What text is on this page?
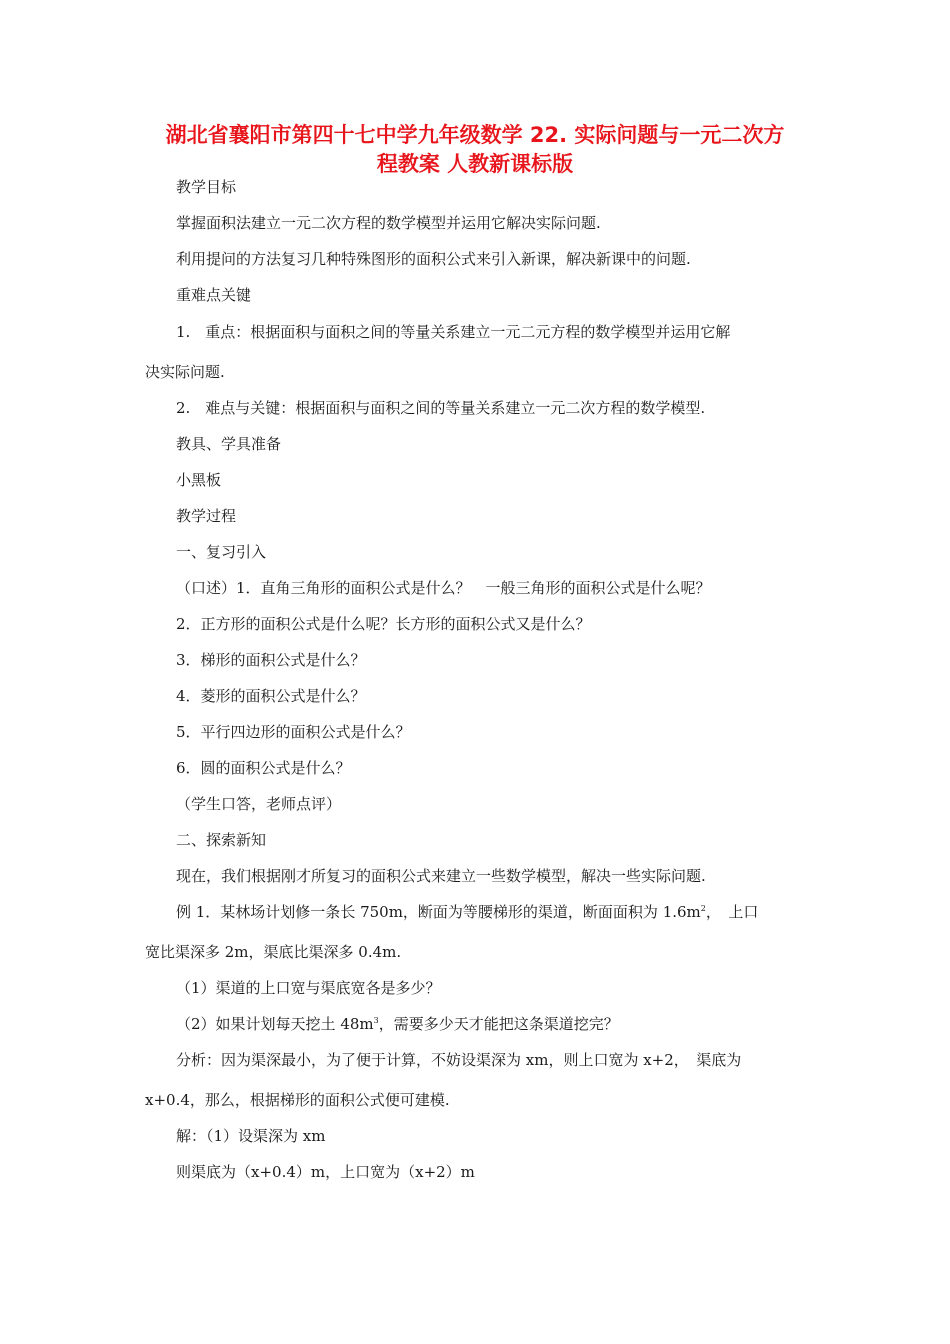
湖北省襄阳市第四十七中学九年级数学 22. 实际问题与一元二次方
程教案 人教新课标版

教学目标

掌握面积法建立一元二次方程的数学模型并运用它解决实际问题.

利用提问的方法复习几种特殊图形的面积公式来引入新课，解决新课中的问题.

重难点关键

1.　重点：根据面积与面积之间的等量关系建立一元二元方程的数学模型并运用它解

决实际问题.

2.　难点与关键：根据面积与面积之间的等量关系建立一元二次方程的数学模型.

教具、学具准备

小黑板

教学过程

一、复习引入

（口述）1．直角三角形的面积公式是什么？　一般三角形的面积公式是什么呢？

2．正方形的面积公式是什么呢？长方形的面积公式又是什么？

3．梯形的面积公式是什么？

4．菱形的面积公式是什么？

5．平行四边形的面积公式是什么？

6．圆的面积公式是什么？

（学生口答，老师点评）

二、探索新知

现在，我们根据刚才所复习的面积公式来建立一些数学模型，解决一些实际问题.

例 1．某林场计划修一条长 750m，断面为等腰梯形的渠道，断面面积为 $1.6m^2$，　上口

宽比渠深多 2m，渠底比渠深多 0.4m.

（1）渠道的上口宽与渠底宽各是多少？

（2）如果计划每天挖土 $48m^3$，需要多少天才能把这条渠道挖完？

分析：因为渠深最小，为了便于计算，不妨设渠深为 xm，则上口宽为 x+2，　渠底为

x+0.4，那么，根据梯形的面积公式便可建模.

解：（1）设渠深为 xm

则渠底为（x+0.4）m，上口宽为（x+2）m
